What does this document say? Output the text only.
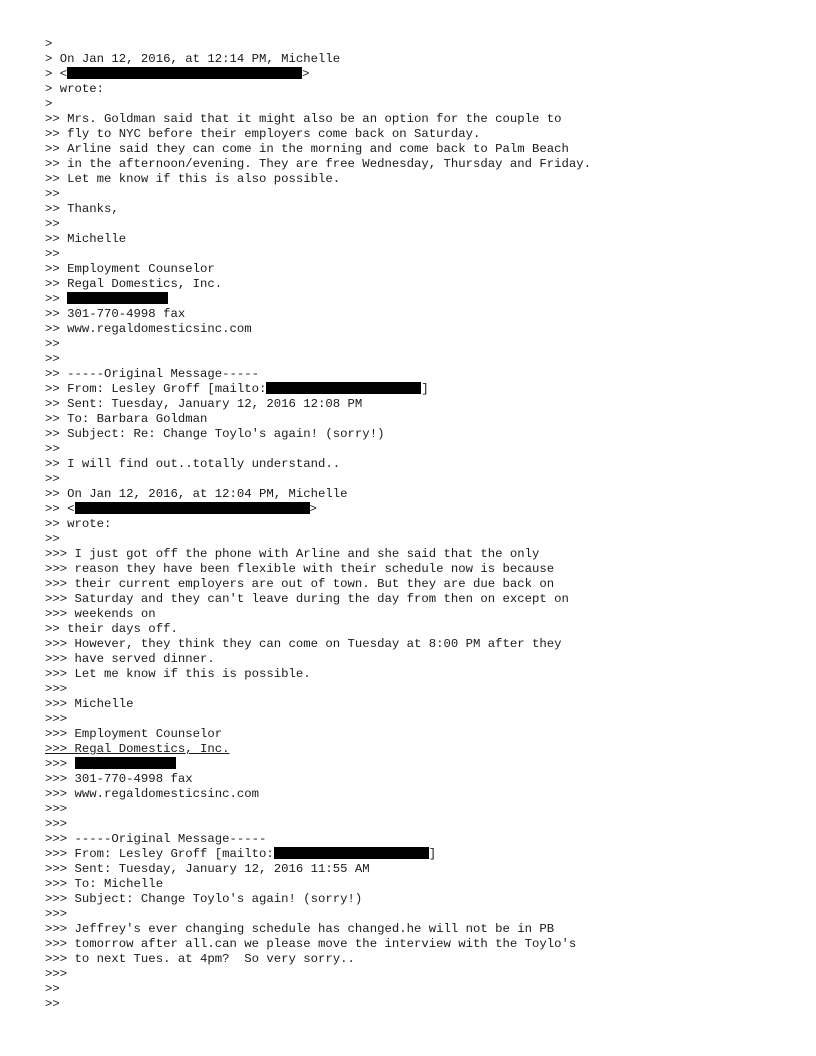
>
> On Jan 12, 2016, at 12:14 PM, Michelle
> <	>
> wrote:
>
>> Mrs. Goldman said that it might also be an option for the couple to
>> fly to NYC before their employers come back on Saturday.
>> Arline said they can come in the morning and come back to Palm Beach
>> in the afternoon/evening. They are free Wednesday, Thursday and Friday.
>> Let me know if this is also possible.
>>
>> Thanks,
>>
>> Michelle
>>
>> Employment Counselor
>> Regal Domestics, Inc.
>>
>> 301-770-4998 fax
>> www.regaldomesticsinc.com
>>
>>
>> -----Original Message-----
>> From: Lesley Groff [mailto:	]
>> Sent: Tuesday, January 12, 2016 12:08 PM
>> To: Barbara Goldman
>> Subject: Re: Change Toylo's again! (sorry!)
>>
>> I will find out..totally understand..
>>
>> On Jan 12, 2016, at 12:04 PM, Michelle
>> <	>
>> wrote:
>>
>>> I just got off the phone with Arline and she said that the only
>>> reason they have been flexible with their schedule now is because
>>> their current employers are out of town. But they are due back on
>>> Saturday and they can't leave during the day from then on except on
>>> weekends on
>> their days off.
>>> However, they think they can come on Tuesday at 8:00 PM after they
>>> have served dinner.
>>> Let me know if this is possible.
>>>
>>> Michelle
>>>
>>> Employment Counselor
>>> Regal Domestics, Inc.
>>>
>>> 301-770-4998 fax
>>> www.regaldomesticsinc.com
>>>
>>>
>>> -----Original Message-----
>>> From: Lesley Groff [mailto:	]
>>> Sent: Tuesday, January 12, 2016 11:55 AM
>>> To: Michelle
>>> Subject: Change Toylo's again! (sorry!)
>>>
>>> Jeffrey's ever changing schedule has changed.he will not be in PB
>>> tomorrow after all.can we please move the interview with the Toylo's
>>> to next Tues. at 4pm?  So very sorry..
>>>
>>
>>
